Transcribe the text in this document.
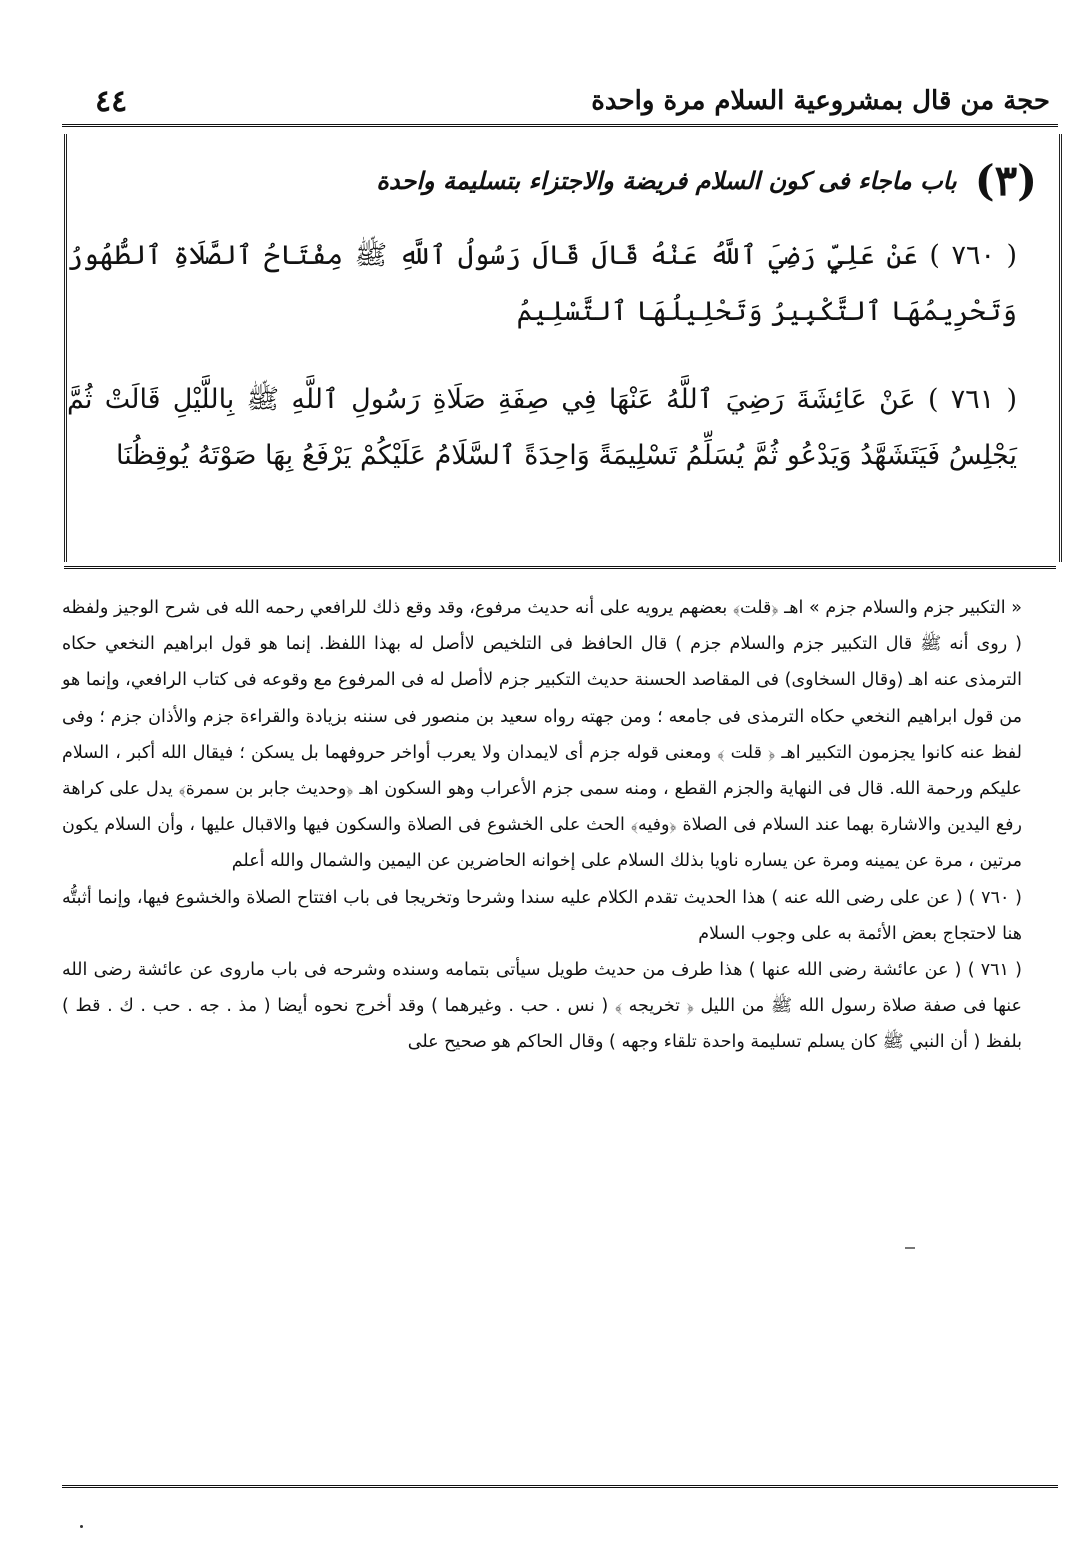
حجة من قال بمشروعية السلام مرة واحدة
٤٤
(٣)
باب ماجاء فى كون السلام فريضة والاجتزاء بتسليمة واحدة
( ٧٦٠ ) عَنْ عَلِيٍّ رَضِيَ ٱللَّهُ عَنْهُ قَالَ قَالَ رَسُولُ ٱللَّهِ ﷺ مِفْتَاحُ ٱلصَّلَاةِ ٱلطُّهُورُ وَتَحْرِيمُهَا ٱلتَّكْبِيرُ وَتَحْلِيلُهَا ٱلتَّسْلِيمُ
( ٧٦١ ) عَنْ عَائِشَةَ رَضِيَ ٱللَّهُ عَنْهَا فِي صِفَةِ صَلَاةِ رَسُولِ ٱللَّهِ ﷺ بِاللَّيْلِ قَالَتْ ثُمَّ يَجْلِسُ فَيَتَشَهَّدُ وَيَدْعُو ثُمَّ يُسَلِّمُ تَسْلِيمَةً وَاحِدَةً ٱلسَّلَامُ عَلَيْكُمْ يَرْفَعُ بِهَا صَوْتَهُ يُوقِظُنَا

« التكبير جزم والسلام جزم » اهـ ﴿قلت﴾ بعضهم يرويه على أنه حديث مرفوع، وقد وقع ذلك للرافعي رحمه الله فى شرح الوجيز ولفظه ( روى أنه ﷺ قال التكبير جزم والسلام جزم ) قال الحافظ فى التلخيص لاأصل له بهذا اللفظ. إنما هو قول ابراهيم النخعي حكاه الترمذى عنه اهـ (وقال السخاوى) فى المقاصد الحسنة حديث التكبير جزم لاأصل له فى المرفوع مع وقوعه فى كتاب الرافعي، وإنما هو من قول ابراهيم النخعي حكاه الترمذى فى جامعه ؛ ومن جهته رواه سعيد بن منصور فى سننه بزيادة والقراءة جزم والأذان جزم ؛ وفى لفظ عنه كانوا يجزمون التكبير اهـ ﴿ قلت ﴾ ومعنى قوله جزم أى لايمدان ولا يعرب أواخر حروفهما بل يسكن ؛ فيقال الله أكبر ، السلام عليكم ورحمة الله. قال فى النهاية والجزم القطع ، ومنه سمى جزم الأعراب وهو السكون اهـ ﴿وحديث جابر بن سمرة﴾ يدل على كراهة رفع اليدين والاشارة بهما عند السلام فى الصلاة ﴿وفيه﴾ الحث على الخشوع فى الصلاة والسكون فيها والاقبال عليها ، وأن السلام يكون مرتين ، مرة عن يمينه ومرة عن يساره ناويا بذلك السلام على إخوانه الحاضرين عن اليمين والشمال والله أعلم

( ٧٦٠ ) ( عن على رضى الله عنه ) هذا الحديث تقدم الكلام عليه سندا وشرحا وتخريجا فى باب افتتاح الصلاة والخشوع فيها، وإنما أثبتُّه هنا لاحتجاج بعض الأئمة به على وجوب السلام

( ٧٦١ ) ( عن عائشة رضى الله عنها ) هذا طرف من حديث طويل سيأتى بتمامه وسنده وشرحه فى باب ماروى عن عائشة رضى الله عنها فى صفة صلاة رسول الله ﷺ من الليل ﴿ تخريجه ﴾ ( نس . حب . وغيرهما ) وقد أخرج نحوه أيضا ( مذ . جه . حب . ك . قط ) بلفظ ( أن النبي ﷺ كان يسلم تسليمة واحدة تلقاء وجهه ) وقال الحاكم هو صحيح على
